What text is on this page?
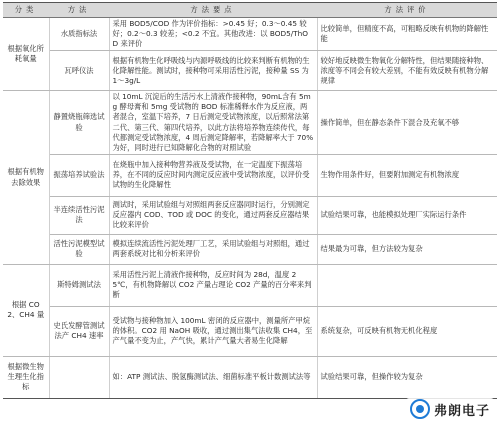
分类	方法	方法要点	方法评价
根据氧化所耗氧量	水质指标法	采用 BOD5/COD 作为评价指标：>0.45 好；0.3～0.45 较好；0.2～0.3 较差；<0.2 不宜。其他改进：以 BOD5/ThOD 来评价	比较简单，但精度不高，可粗略反映有机物的降解性能
	瓦呼仪法	根据有机物生化呼吸线与内源呼吸线的比较来判断有机物的生化降解性能。测试时，接种物可采用活性污泥，接种量 SS 为 1～3g/L	较好地反映微生物氧化分解特性，但结果随接种物、浓度等不同会有较大差别，不能有效反映有机物分解规律
根据有机物去除效果	静置烧瓶筛选试验	以 10mL 沉淀后的生活污水上清液作接种物，90mL含有 5mg 酵母膏和 5mg 受试物的 BOD 标准稀释水作为反应液，两者混合，室温下培养，7 日后测定受试物浓度，以后照常法第二代、第三代、第四代培养，以此方法将培养物连续传代，每代都测定受试物浓度，4 周后测定降解率，若降解率大于 70% 为好，同时进行已知降解化合物的对照试验	操作简单，但在静态条件下混合及充氧不够
	振荡培养试验法	在烧瓶中加入接种物营养液及受试物，在一定温度下振荡培养，在不同的反应时间内测定反应液中受试物浓度，以评价受试物的生化降解性	生物作用条件好，但要附加测定有机物浓度
	半连续活性污泥法	测试时，采用试验组与对照组两套反应器同时运行，分别测定反应器内 COD、TOD 或 DOC 的变化，通过两套反应器结果比较来评价	试验结果可靠，也能模拟处理厂实际运行条件
	活性污泥模型试验	模拟连续流活性污泥处理厂工艺，采用试验组与对照组，通过两套系统对比和分析来评价	结果最为可靠，但方法较为复杂
根据 CO2、CH4 量	斯特姆测试法	采用活性污泥上清液作接种物，反应时间为 28d，温度 25℃，有机物降解以 CO2 产量占理论 CO2 产量的百分率来判断	
	史氏发酵管测试法产 CH4 速率	受试物与接种物加入 100mL 密闭的反应器中，测量所产甲烷的体积。CO2 用 NaOH 吸收，通过测出集气法收集 CH4，至产气量不变为止，产气快，累计产气量大者易生化降解	系统复杂，可反映有机物无机化程度
根据微生物生理生化指标		如：ATP 测试法、脱氢酶测试法、细菌标准平板计数测试法等	试验结果可靠，但操作较为复杂
弗朗电子
